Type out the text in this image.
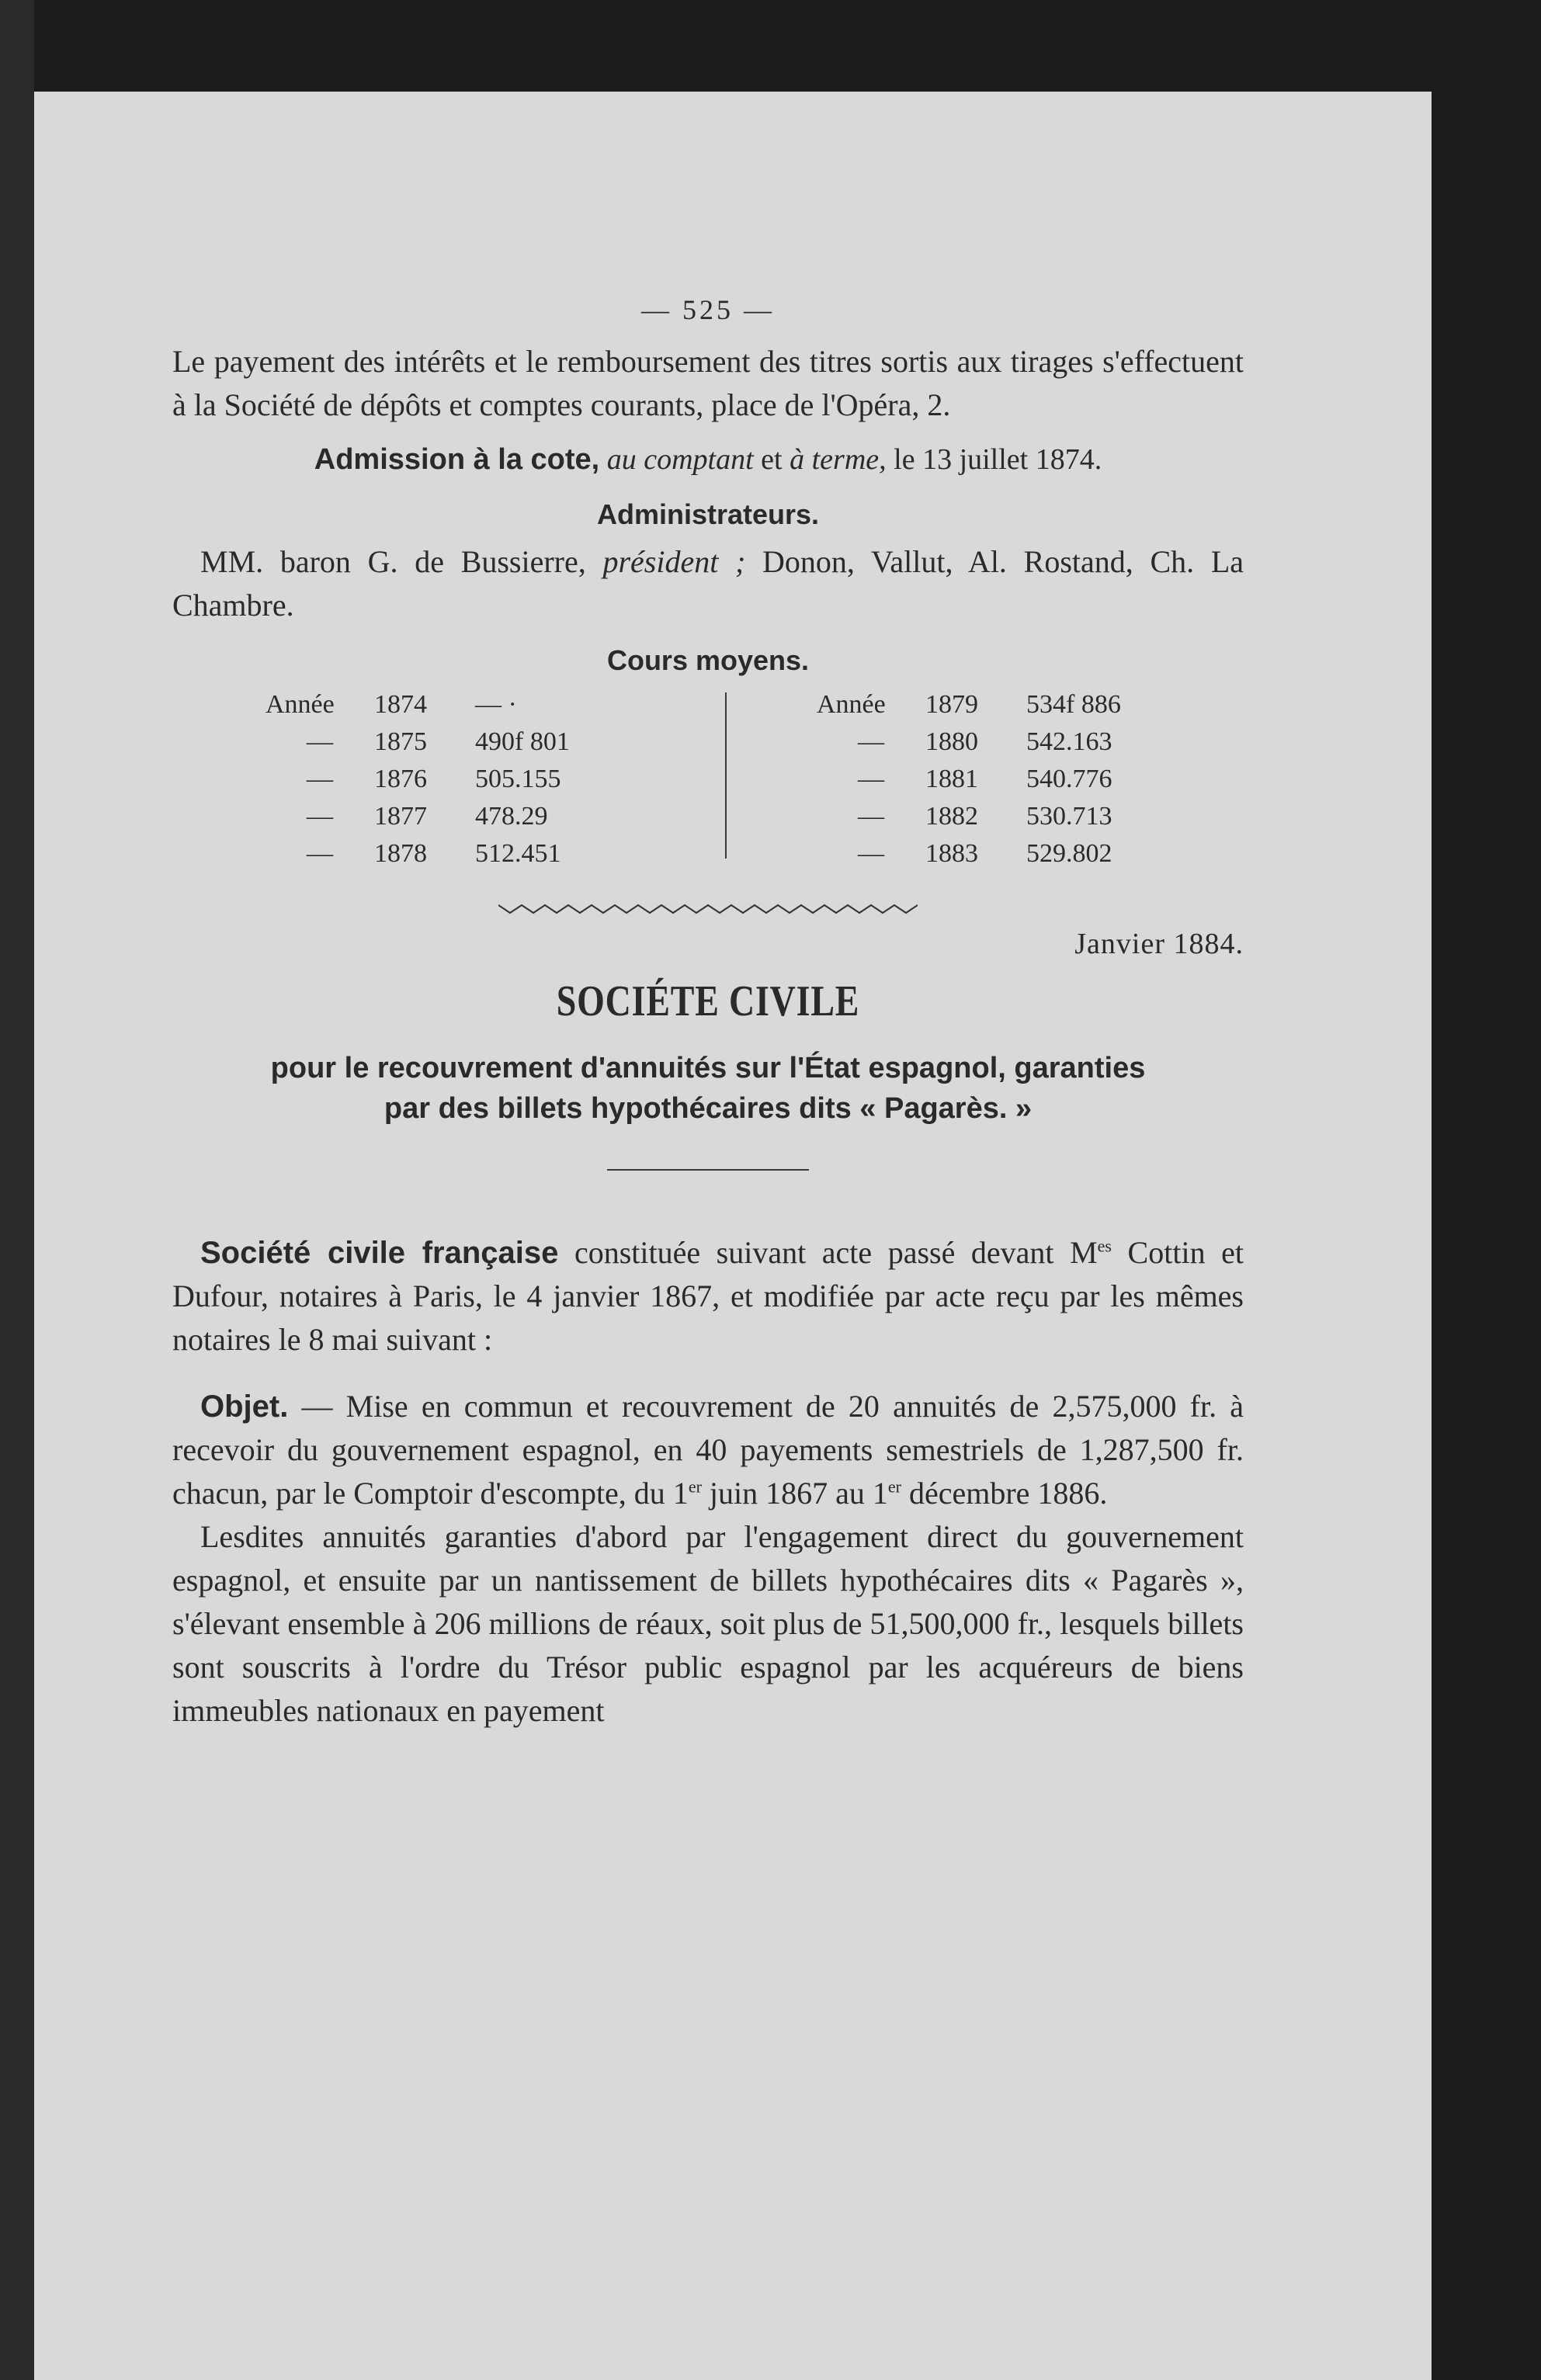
— 525 —

Le payement des intérêts et le remboursement des titres sortis aux tirages s'effectuent à la Société de dépôts et comptes courants, place de l'Opéra, 2.

Admission à la cote, au comptant et à terme, le 13 juillet 1874.

Administrateurs.

MM. baron G. de Bussierre, président ; Donon, Vallut, Al. Rostand, Ch. La Chambre.

Cours moyens.

Année 1874 — ·
— 1875 490f 801
— 1876 505.155
— 1877 478.29
— 1878 512.451
Année 1879 534f 886
— 1880 542.163
— 1881 540.776
— 1882 530.713
— 1883 529.802

Janvier 1884.

SOCIÉTE CIVILE

pour le recouvrement d'annuités sur l'État espagnol, garanties
par des billets hypothécaires dits « Pagarès. »

Société civile française constituée suivant acte passé devant $M^{es}$ Cottin et Dufour, notaires à Paris, le 4 janvier 1867, et modifiée par acte reçu par les mêmes notaires le 8 mai suivant :

Objet. — Mise en commun et recouvrement de 20 annuités de 2,575,000 fr. à recevoir du gouvernement espagnol, en 40 payements semestriels de 1,287,500 fr. chacun, par le Comptoir d'escompte, du 1er juin 1867 au 1er décembre 1886.

Lesdites annuités garanties d'abord par l'engagement direct du gouvernement espagnol, et ensuite par un nantissement de billets hypothécaires dits « Pagarès », s'élevant ensemble à 206 millions de réaux, soit plus de 51,500,000 fr., lesquels billets sont souscrits à l'ordre du Trésor public espagnol par les acquéreurs de biens immeubles nationaux en payement
